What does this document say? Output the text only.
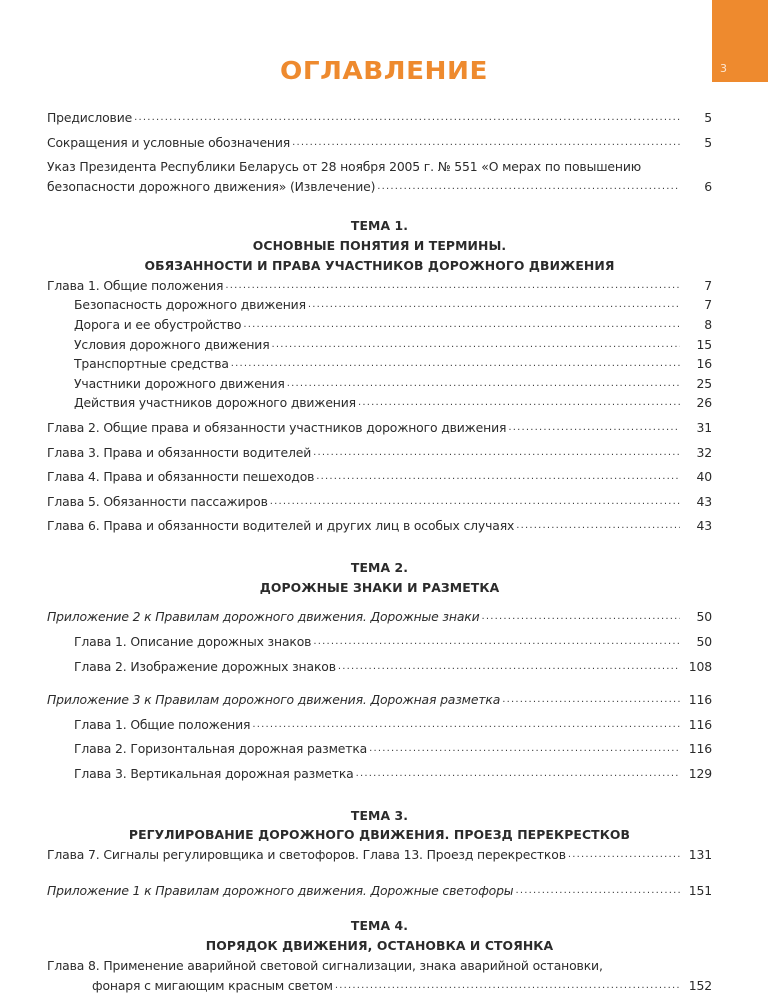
3
ОГЛАВЛЕНИЕ
Предисловие .....	5
Сокращения и условные обозначения .....	5
Указ Президента Республики Беларусь от 28 ноября 2005 г. № 551 «О мерах по повышению
безопасности дорожного движения» (Извлечение) .....	6
ТЕМА 1.
ОСНОВНЫЕ ПОНЯТИЯ И ТЕРМИНЫ.
ОБЯЗАННОСТИ И ПРАВА УЧАСТНИКОВ ДОРОЖНОГО ДВИЖЕНИЯ
Глава 1. Общие положения .....	7
Безопасность дорожного движения .....	7
Дорога и ее обустройство .....	8
Условия дорожного движения .....	15
Транспортные средства .....	16
Участники дорожного движения .....	25
Действия участников дорожного движения .....	26
Глава 2. Общие права и обязанности участников дорожного движения .....	31
Глава 3. Права и обязанности водителей .....	32
Глава 4. Права и обязанности пешеходов .....	40
Глава 5. Обязанности пассажиров .....	43
Глава 6. Права и обязанности водителей и других лиц в особых случаях .....	43
ТЕМА 2.
ДОРОЖНЫЕ ЗНАКИ И РАЗМЕТКА
Приложение 2 к Правилам дорожного движения. Дорожные знаки .....	50
Глава 1. Описание дорожных знаков .....	50
Глава 2. Изображение дорожных знаков .....	108
Приложение 3 к Правилам дорожного движения. Дорожная разметка .....	116
Глава 1. Общие положения .....	116
Глава 2. Горизонтальная дорожная разметка .....	116
Глава 3. Вертикальная дорожная разметка .....	129
ТЕМА 3.
РЕГУЛИРОВАНИЕ ДОРОЖНОГО ДВИЖЕНИЯ. ПРОЕЗД ПЕРЕКРЕСТКОВ
Глава 7. Сигналы регулировщика и светофоров. Глава 13. Проезд перекрестков .....	131
Приложение 1 к Правилам дорожного движения. Дорожные светофоры .....	151
ТЕМА 4.
ПОРЯДОК ДВИЖЕНИЯ, ОСТАНОВКА И СТОЯНКА
Глава 8. Применение аварийной световой сигнализации, знака аварийной остановки,
фонаря с мигающим красным светом .....	152
